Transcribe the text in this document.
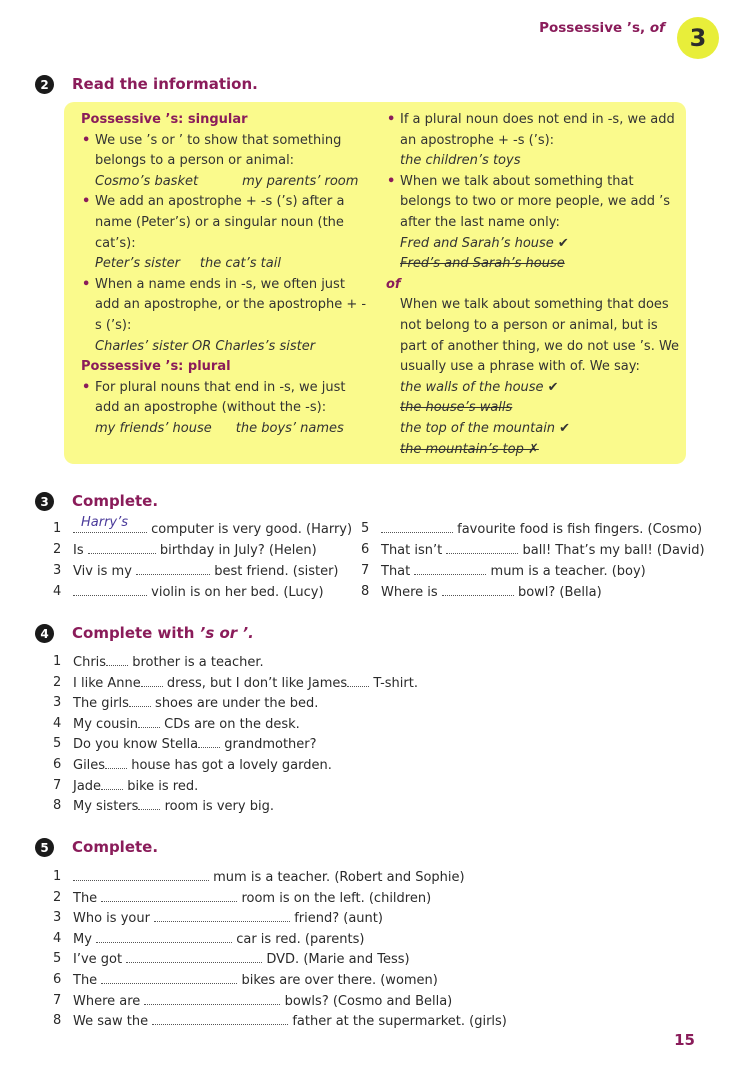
Possessive ’s, of 3
2	Read the information.
Possessive ’s: singular
• We use ’s or ’ to show that something belongs to a person or animal:
Cosmo’s basket	my parents’ room
• We add an apostrophe + -s (’s) after a name (Peter’s) or a singular noun (the cat’s):
Peter’s sister the cat’s tail
• When a name ends in -s, we often just add an apostrophe, or the apostrophe + -s (’s):
Charles’ sister OR Charles’s sister
Possessive ’s: plural
• For plural nouns that end in -s, we just add an apostrophe (without the -s):
my friends’ house the boys’ names
• If a plural noun does not end in -s, we add an apostrophe + -s (’s):
the children’s toys
• When we talk about something that belongs to two or more people, we add ’s after the last name only:
Fred and Sarah’s house ✔
Fred’s and Sarah’s house
of
When we talk about something that does not belong to a person or animal, but is part of another thing, we do not use ’s. We usually use a phrase with of. We say:
the walls of the house ✔
the house’s walls
the top of the mountain ✔
the mountain’s top ✗
3	Complete.
Harry’s
1	computer is very good. (Harry)
2 Is	birthday in July? (Helen)
3 Viv is my	best friend. (sister)
4	violin is on her bed. (Lucy)
5	favourite food is fish fingers. (Cosmo)
6 That isn’t	ball! That’s my ball! (David)
7 That	mum is a teacher. (boy)
8 Where is	bowl? (Bella)
4	Complete with ’s or ’.
1 Chris brother is a teacher.
2 I like Anne dress, but I don’t like James T-shirt.
3 The girls shoes are under the bed.
4 My cousin CDs are on the desk.
5 Do you know Stella grandmother?
6 Giles house has got a lovely garden.
7 Jade bike is red.
8 My sisters room is very big.
5	Complete.
1	mum is a teacher. (Robert and Sophie)
2 The	room is on the left. (children)
3 Who is your	friend? (aunt)
4 My	car is red. (parents)
5 I’ve got	DVD. (Marie and Tess)
6 The	bikes are over there. (women)
7 Where are	bowls? (Cosmo and Bella)
8 We saw the	father at the supermarket. (girls)
15
